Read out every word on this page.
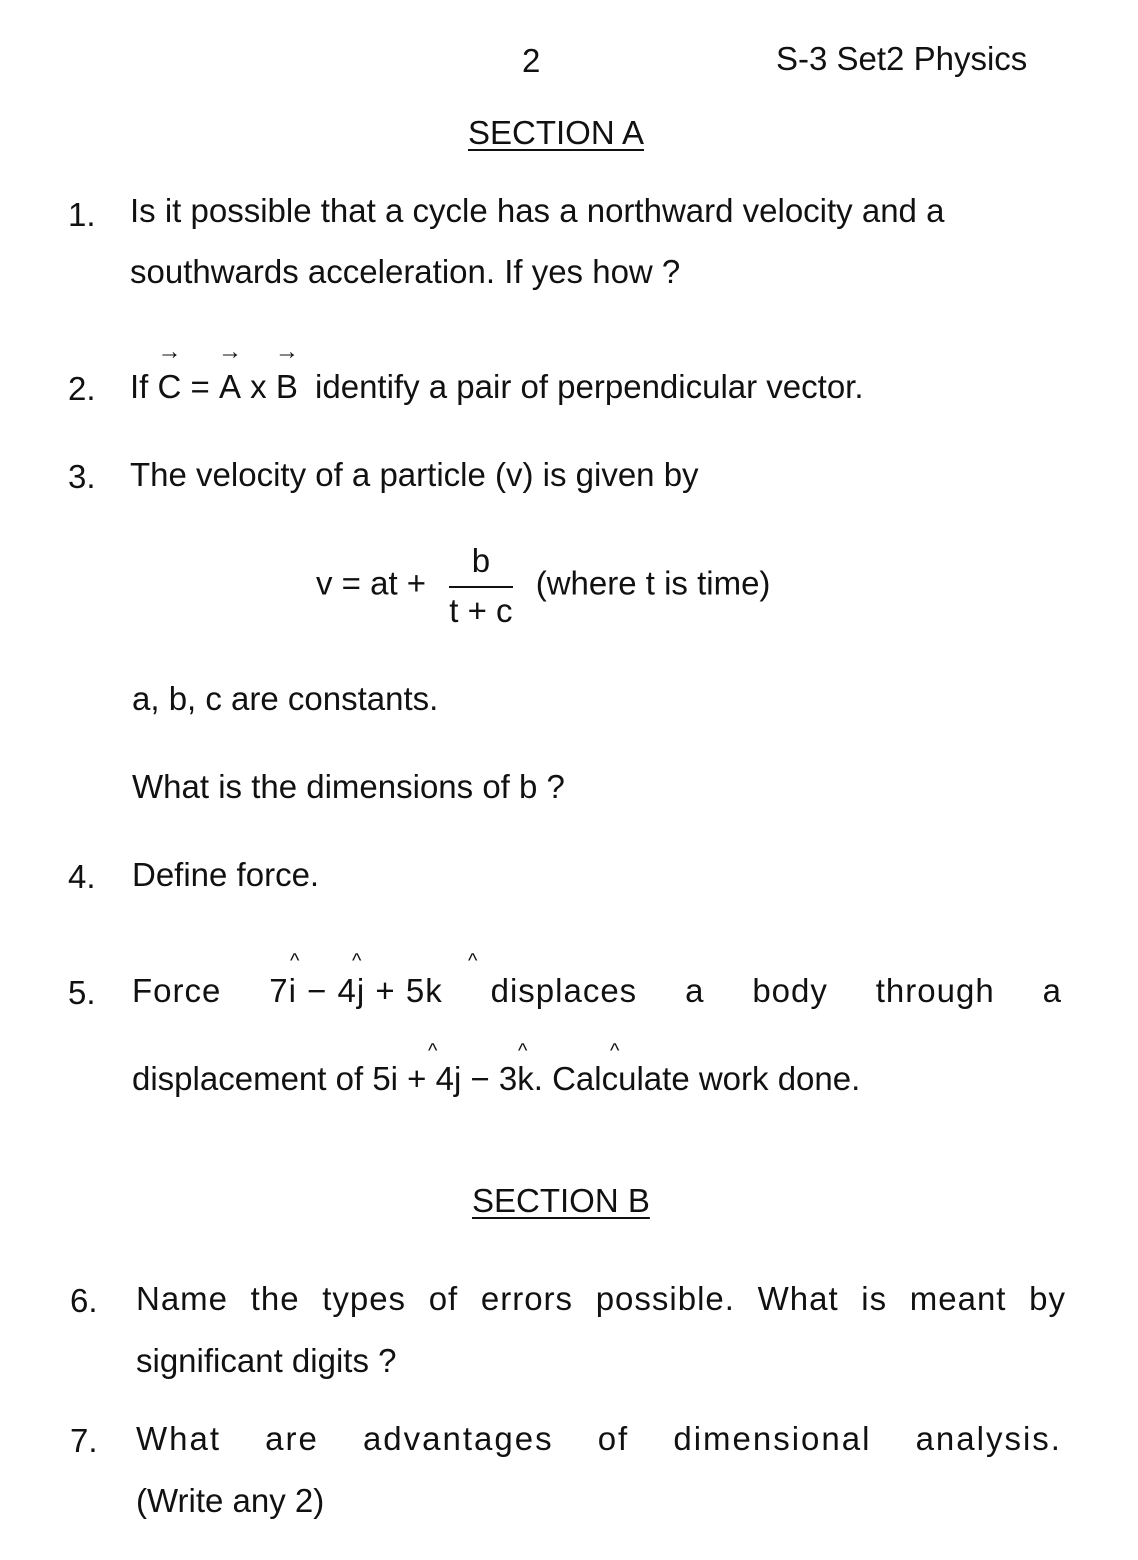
2	S-3 Set2 Physics
SECTION A
1. Is it possible that a cycle has a northward velocity and a
southwards acceleration. If yes how ?
2. If
→
C =
→
A x
→
B identify a pair of perpendicular vector.
3. The velocity of a particle (v) is given by
v = at + $\frac{b}{t + c}$ (where t is time)
a, b, c are constants.
What is the dimensions of b ?
4. Define force.
5. Force 7i − 4j + 5k displaces a body through a
^	^	^
displacement of 5i + 4j − 3k. Calculate work done.
^	^	^
SECTION B
6. Name the types of errors possible. What is meant by
significant digits ?
7. What are advantages of dimensional analysis.
(Write any 2)
